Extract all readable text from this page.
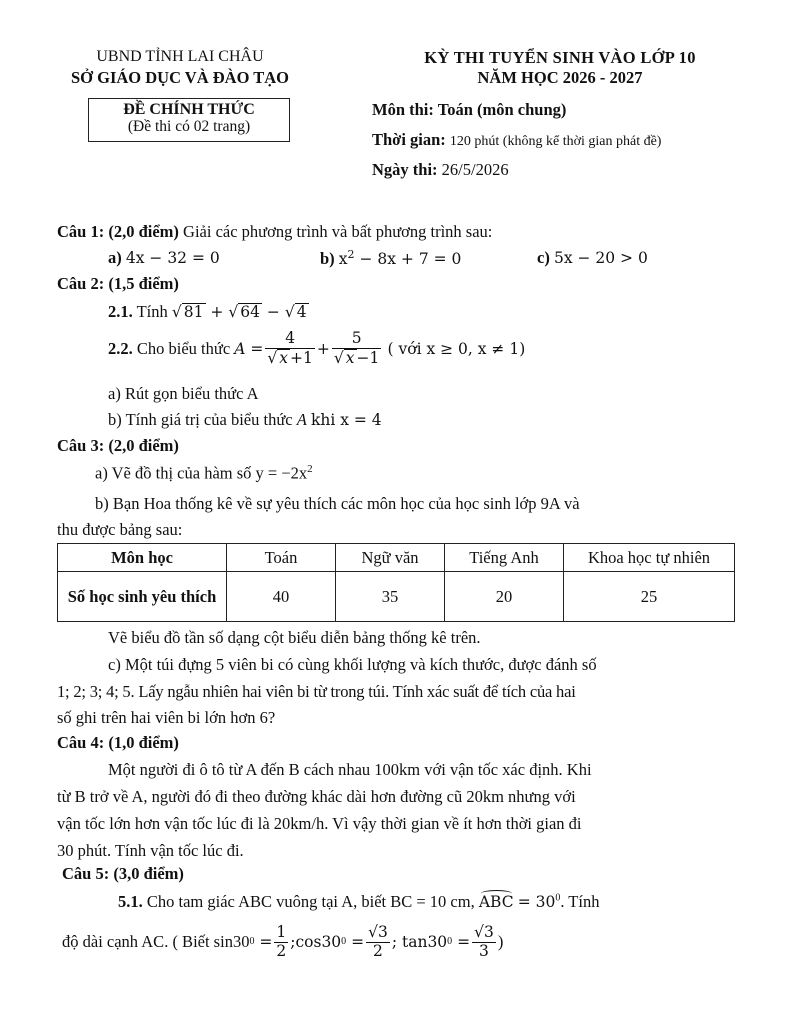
UBND TỈNH LAI CHÂU
SỞ GIÁO DỤC VÀ ĐÀO TẠO
ĐỀ CHÍNH THỨC
(Đề thi có 02 trang)
KỲ THI TUYỂN SINH VÀO LỚP 10
NĂM HỌC 2026 - 2027
Môn thi: Toán (môn chung)
Thời gian: 120 phút (không kể thời gian phát đề)
Ngày thi: 26/5/2026
Câu 1: (2,0 điểm) Giải các phương trình và bất phương trình sau:
a) 4x − 32 = 0	b) $x^2 - 8x + 7 = 0$	c) 5x − 20 > 0
Câu 2: (1,5 điểm)
2.1. Tính √ 81 + √ 64 − √ 4
2.2.
Cho biểu thức
$A = \frac{4}{√ x +1} + \frac{5}{√ x -1}$
( với x ≥ 0, x ≠ 1)
a) Rút gọn biểu thức A
b) Tính giá trị của biểu thức A khi x = 4
Câu 3: (2,0 điểm)
a) Vẽ đồ thị của hàm số $y = -2x^2$
b) Bạn Hoa thống kê về sự yêu thích các môn học của học sinh lớp 9A và
thu được bảng sau:
Môn học	Toán	Ngữ văn	Tiếng Anh	Khoa học tự nhiên
Số học sinh yêu thích	40	35	20	25
Vẽ biểu đồ tần số dạng cột biểu diễn bảng thống kê trên.
c) Một túi đựng 5 viên bi có cùng khối lượng và kích thước, được đánh số
1; 2; 3; 4; 5. Lấy ngẫu nhiên hai viên bi từ trong túi. Tính xác suất để tích của hai
số ghi trên hai viên bi lớn hơn 6?
Câu 4: (1,0 điểm)
Một người đi ô tô từ A đến B cách nhau 100km với vận tốc xác định. Khi
từ B trở về A, người đó đi theo đường khác dài hơn đường cũ 20km nhưng với
vận tốc lớn hơn vận tốc lúc đi là 20km/h. Vì vậy thời gian về ít hơn thời gian đi
30 phút. Tính vận tốc lúc đi.
Câu 5: (3,0 điểm)
5.1. Cho tam giác ABC vuông tại A, biết BC = 10 cm, ABC = $30^0$. Tính
độ dài cạnh AC. ( Biết sin30 $0 = \frac{1}{2}$ ;cos30 $0 = \frac{√3}{2}$ ; tan30 $0 = \frac{√3}{3}$ )
